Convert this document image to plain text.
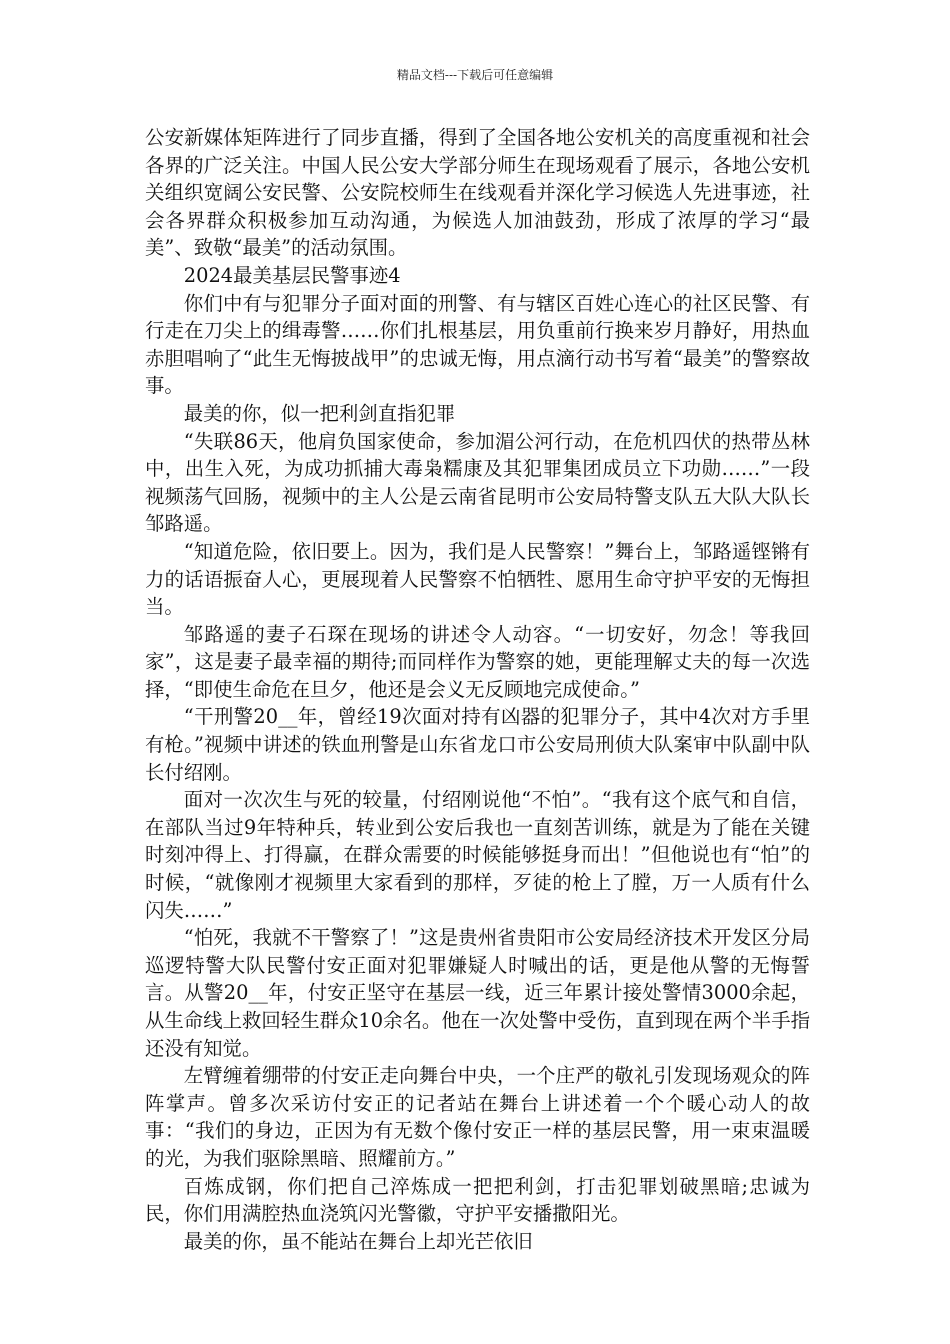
精品文档---下载后可任意编辑

公安新媒体矩阵进行了同步直播，得到了全国各地公安机关的高度重视和社会各界的广泛关注。中国人民公安大学部分师生在现场观看了展示，各地公安机关组织宽阔公安民警、公安院校师生在线观看并深化学习候选人先进事迹，社会各界群众积极参加互动沟通，为候选人加油鼓劲，形成了浓厚的学习“最美”、致敬“最美”的活动氛围。

2024最美基层民警事迹4

你们中有与犯罪分子面对面的刑警、有与辖区百姓心连心的社区民警、有行走在刀尖上的缉毒警……你们扎根基层，用负重前行换来岁月静好，用热血赤胆唱响了“此生无悔披战甲”的忠诚无悔，用点滴行动书写着“最美”的警察故事。

最美的你，似一把利剑直指犯罪

“失联86天，他肩负国家使命，参加湄公河行动，在危机四伏的热带丛林中，出生入死，为成功抓捕大毒枭糯康及其犯罪集团成员立下功勋……”一段视频荡气回肠，视频中的主人公是云南省昆明市公安局特警支队五大队大队长邹路遥。

“知道危险，依旧要上。因为，我们是人民警察！”舞台上，邹路遥铿锵有力的话语振奋人心，更展现着人民警察不怕牺牲、愿用生命守护平安的无悔担当。

邹路遥的妻子石琛在现场的讲述令人动容。“一切安好，勿念！等我回家”，这是妻子最幸福的期待;而同样作为警察的她，更能理解丈夫的每一次选择，“即使生命危在旦夕，他还是会义无反顾地完成使命。”

“干刑警20__年，曾经19次面对持有凶器的犯罪分子，其中4次对方手里有枪。”视频中讲述的铁血刑警是山东省龙口市公安局刑侦大队案审中队副中队长付绍刚。

面对一次次生与死的较量，付绍刚说他“不怕”。“我有这个底气和自信，在部队当过9年特种兵，转业到公安后我也一直刻苦训练，就是为了能在关键时刻冲得上、打得赢，在群众需要的时候能够挺身而出！”但他说也有“怕”的时候，“就像刚才视频里大家看到的那样，歹徒的枪上了膛，万一人质有什么闪失……”

“怕死，我就不干警察了！”这是贵州省贵阳市公安局经济技术开发区分局巡逻特警大队民警付安正面对犯罪嫌疑人时喊出的话，更是他从警的无悔誓言。从警20__年，付安正坚守在基层一线，近三年累计接处警情3000余起，从生命线上救回轻生群众10余名。他在一次处警中受伤，直到现在两个半手指还没有知觉。

左臂缠着绷带的付安正走向舞台中央，一个庄严的敬礼引发现场观众的阵阵掌声。曾多次采访付安正的记者站在舞台上讲述着一个个暖心动人的故事：“我们的身边，正因为有无数个像付安正一样的基层民警，用一束束温暖的光，为我们驱除黑暗、照耀前方。”

百炼成钢，你们把自己淬炼成一把把利剑，打击犯罪划破黑暗;忠诚为民，你们用满腔热血浇筑闪光警徽，守护平安播撒阳光。

最美的你，虽不能站在舞台上却光芒依旧
